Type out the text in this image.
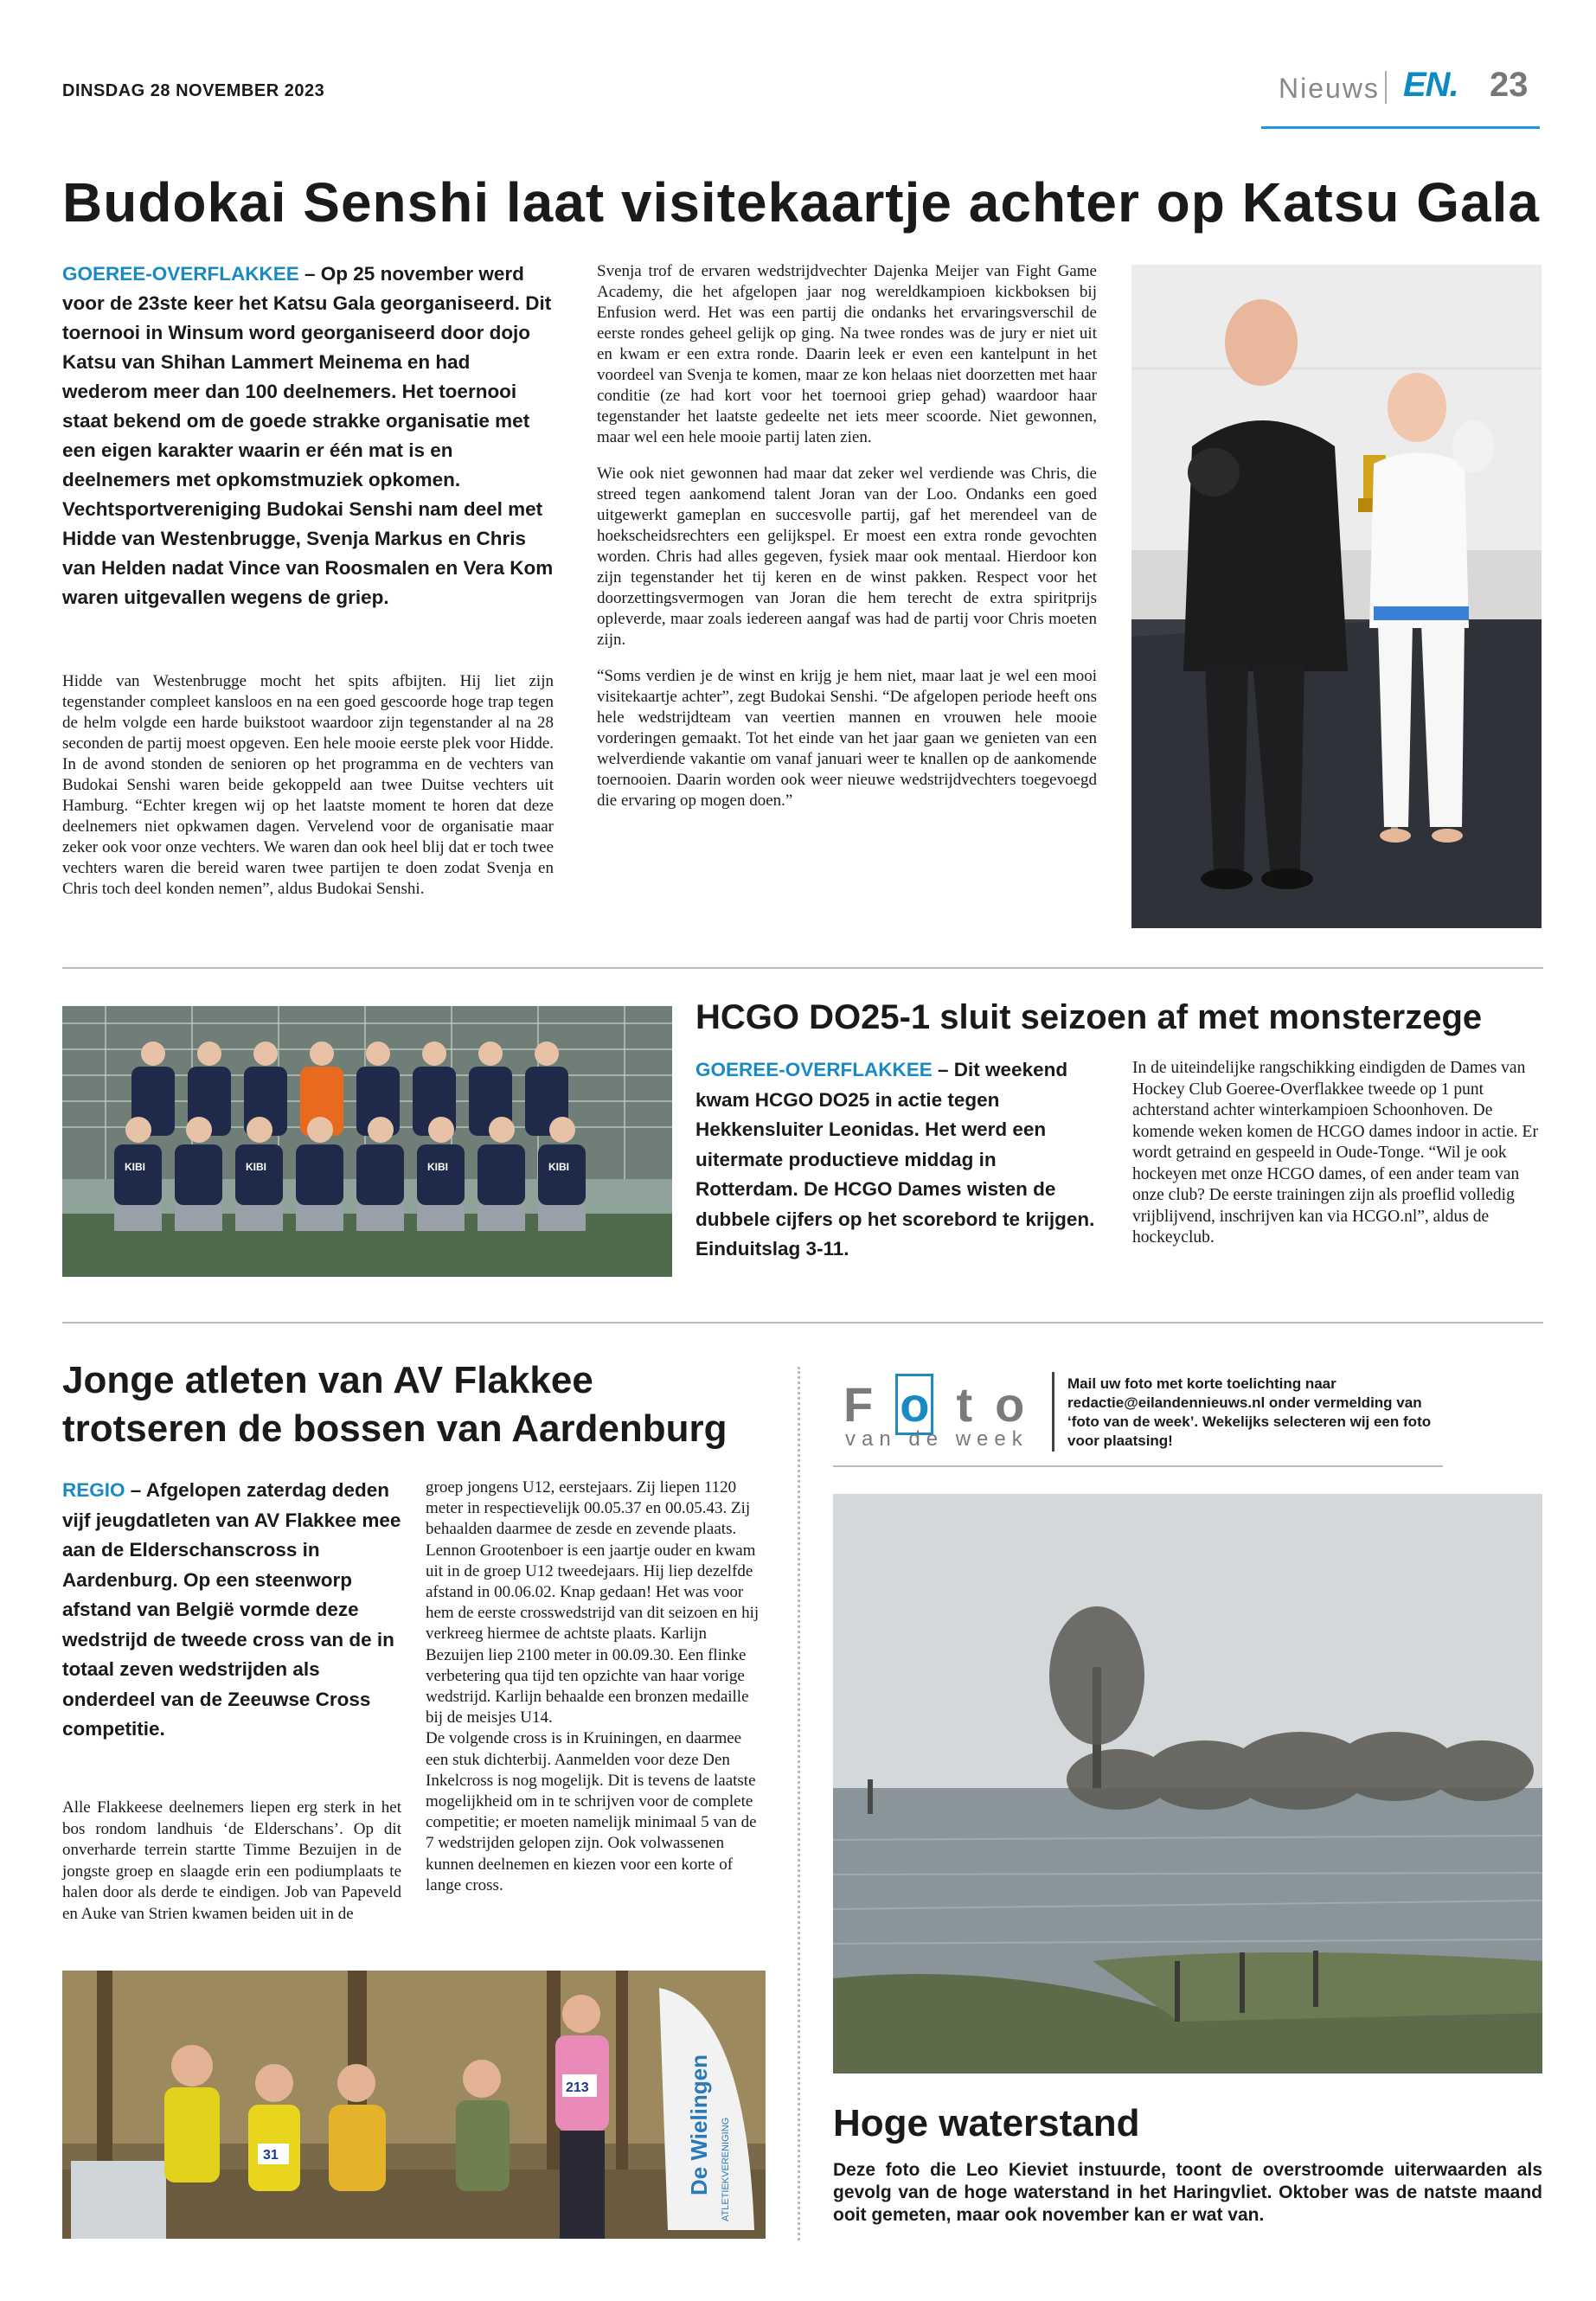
DINSDAG 28 NOVEMBER 2023	Nieuws EN. 23
Budokai Senshi laat visitekaartje achter op Katsu Gala
GOEREE-OVERFLAKKEE – Op 25 november werd voor de 23ste keer het Katsu Gala georganiseerd. Dit toernooi in Winsum word georganiseerd door dojo Katsu van Shihan Lammert Meinema en had wederom meer dan 100 deelnemers. Het toernooi staat bekend om de goede strakke organisatie met een eigen karakter waarin er één mat is en deelnemers met opkomstmuziek opkomen. Vechtsportvereniging Budokai Senshi nam deel met Hidde van Westenbrugge, Svenja Markus en Chris van Helden nadat Vince van Roosmalen en Vera Kom waren uitgevallen wegens de griep.

Hidde van Westenbrugge mocht het spits afbijten. Hij liet zijn tegenstander compleet kansloos en na een goed gescoorde hoge trap tegen de helm volgde een harde buikstoot waardoor zijn tegenstander al na 28 seconden de partij moest opgeven. Een hele mooie eerste plek voor Hidde. In de avond stonden de senioren op het programma en de vechters van Budokai Senshi waren beide gekoppeld aan twee Duitse vechters uit Hamburg. “Echter kregen wij op het laatste moment te horen dat deze deelnemers niet opkwamen dagen. Vervelend voor de organisatie maar zeker ook voor onze vechters. We waren dan ook heel blij dat er toch twee vechters waren die bereid waren twee partijen te doen zodat Svenja en Chris toch deel konden nemen”, aldus Budokai Senshi.

Svenja trof de ervaren wedstrijdvechter Dajenka Meijer van Fight Game Academy, die het afgelopen jaar nog wereldkampioen kickboksen bij Enfusion werd. Het was een partij die ondanks het ervaringsverschil de eerste rondes geheel gelijk op ging. Na twee rondes was de jury er niet uit en kwam er een extra ronde. Daarin leek er even een kantelpunt in het voordeel van Svenja te komen, maar ze kon helaas niet doorzetten met haar conditie (ze had kort voor het toernooi griep gehad) waardoor haar tegenstander het laatste gedeelte net iets meer scoorde. Niet gewonnen, maar wel een hele mooie partij laten zien.

Wie ook niet gewonnen had maar dat zeker wel verdiende was Chris, die streed tegen aankomend talent Joran van der Loo. Ondanks een goed uitgewerkt gameplan en succesvolle partij, gaf het merendeel van de hoekscheidsrechters een gelijkspel. Er moest een extra ronde gevochten worden. Chris had alles gegeven, fysiek maar ook mentaal. Hierdoor kon zijn tegenstander het tij keren en de winst pakken. Respect voor het doorzettingsvermogen van Joran die hem terecht de extra spiritprijs opleverde, maar zoals iedereen aangaf was had de partij voor Chris moeten zijn.

“Soms verdien je de winst en krijg je hem niet, maar laat je wel een mooi visitekaartje achter”, zegt Budokai Senshi. “De afgelopen periode heeft ons hele wedstrijdteam van veertien mannen en vrouwen hele mooie vorderingen gemaakt. Tot het einde van het jaar gaan we genieten van een welverdiende vakantie om vanaf januari weer te knallen op de aankomende toernooien. Daarin worden ook weer nieuwe wedstrijdvechters toegevoegd die ervaring op mogen doen.”

KIBI	KIBI	KIBI	KIBI
HCGO DO25-1 sluit seizoen af met monsterzege
GOEREE-OVERFLAKKEE – Dit weekend kwam HCGO DO25 in actie tegen Hekkensluiter Leonidas. Het werd een uitermate productieve middag in Rotterdam. De HCGO Dames wisten de dubbele cijfers op het scorebord te krijgen. Einduitslag 3-11.

In de uiteindelijke rangschikking eindigden de Dames van Hockey Club Goeree-Overflakkee tweede op 1 punt achterstand achter winterkampioen Schoonhoven. De komende weken komen de HCGO dames indoor in actie. Er wordt getraind en gespeeld in Oude-Tonge. “Wil je ook hockeyen met onze HCGO dames, of een ander team van onze club? De eerste trainingen zijn als proeflid volledig vrijblijvend, inschrijven kan via HCGO.nl”, aldus de hockeyclub.

Jonge atleten van AV Flakkee
trotseren de bossen van Aardenburg
REGIO – Afgelopen zaterdag deden vijf jeugdatleten van AV Flakkee mee aan de Elderschanscross in Aardenburg. Op een steenworp afstand van België vormde deze wedstrijd de tweede cross van de in totaal zeven wedstrijden als onderdeel van de Zeeuwse Cross competitie.

Alle Flakkeese deelnemers liepen erg sterk in het bos rondom landhuis ‘de Elderschans’. Op dit onverharde terrein startte Timme Bezuijen in de jongste groep en slaagde erin een podiumplaats te halen door als derde te eindigen. Job van Papeveld en Auke van Strien kwamen beiden uit in de

groep jongens U12, eerstejaars. Zij liepen 1120 meter in respectievelijk 00.05.37 en 00.05.43. Zij behaalden daarmee de zesde en zevende plaats. Lennon Grootenboer is een jaartje ouder en kwam uit in de groep U12 tweedejaars. Hij liep dezelfde afstand in 00.06.02. Knap gedaan! Het was voor hem de eerste crosswedstrijd van dit seizoen en hij verkreeg hiermee de achtste plaats. Karlijn Bezuijen liep 2100 meter in 00.09.30. Een flinke verbetering qua tijd ten opzichte van haar vorige wedstrijd. Karlijn behaalde een bronzen medaille bij de meisjes U14.

De volgende cross is in Kruiningen, en daarmee een stuk dichterbij. Aanmelden voor deze Den Inkelcross is nog mogelijk. Dit is tevens de laatste mogelijkheid om in te schrijven voor de complete competitie; er moeten namelijk minimaal 5 van de 7 wedstrijden gelopen zijn. Ook volwassenen kunnen deelnemen en kiezen voor een korte of lange cross.

De Wielingen ATLETIEKVERENIGING
31
213
Fo to
van de week
Mail uw foto met korte toelichting naar redactie@eilandennieuws.nl onder vermelding van ‘foto van de week’. Wekelijks selecteren wij een foto voor plaatsing!
Hoge waterstand
Deze foto die Leo Kieviet instuurde, toont de overstroomde uiterwaarden als gevolg van de hoge waterstand in het Haringvliet. Oktober was de natste maand ooit gemeten, maar ook november kan er wat van.
